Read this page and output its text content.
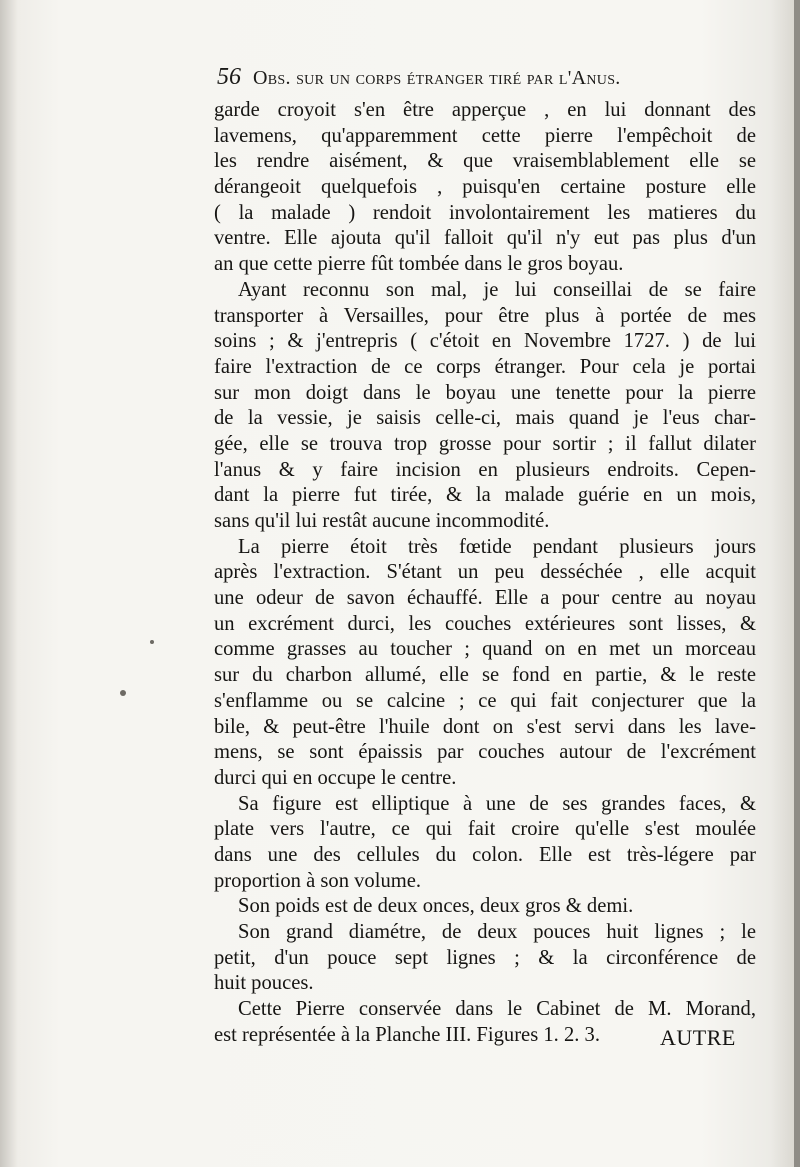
56 Obs. sur un corps étranger tiré par l'Anus.
garde croyoit s'en être apperçue , en lui donnant des
lavemens, qu'apparemment cette pierre l'empêchoit de
les rendre aisément, & que vraisemblablement elle se
dérangeoit quelquefois , puisqu'en certaine posture elle
( la malade ) rendoit involontairement les matieres du
ventre. Elle ajouta qu'il falloit qu'il n'y eut pas plus d'un
an que cette pierre fût tombée dans le gros boyau.
Ayant reconnu son mal, je lui conseillai de se faire
transporter à Versailles, pour être plus à portée de mes
soins ; & j'entrepris ( c'étoit en Novembre 1727. ) de lui
faire l'extraction de ce corps étranger. Pour cela je portai
sur mon doigt dans le boyau une tenette pour la pierre
de la vessie, je saisis celle-ci, mais quand je l'eus char-
gée, elle se trouva trop grosse pour sortir ; il fallut dilater
l'anus & y faire incision en plusieurs endroits. Cepen-
dant la pierre fut tirée, & la malade guérie en un mois,
sans qu'il lui restât aucune incommodité.
La pierre étoit très fœtide pendant plusieurs jours
après l'extraction. S'étant un peu desséchée , elle acquit
une odeur de savon échauffé. Elle a pour centre au noyau
un excrément durci, les couches extérieures sont lisses, &
comme grasses au toucher ; quand on en met un morceau
sur du charbon allumé, elle se fond en partie, & le reste
s'enflamme ou se calcine ; ce qui fait conjecturer que la
bile, & peut-être l'huile dont on s'est servi dans les lave-
mens, se sont épaissis par couches autour de l'excrément
durci qui en occupe le centre.
Sa figure est elliptique à une de ses grandes faces, &
plate vers l'autre, ce qui fait croire qu'elle s'est moulée
dans une des cellules du colon. Elle est très-légere par
proportion à son volume.
Son poids est de deux onces, deux gros & demi.
Son grand diamétre, de deux pouces huit lignes ; le
petit, d'un pouce sept lignes ; & la circonférence de
huit pouces.
Cette Pierre conservée dans le Cabinet de M. Morand,
est représentée à la Planche III. Figures 1. 2. 3.	AUTRE
